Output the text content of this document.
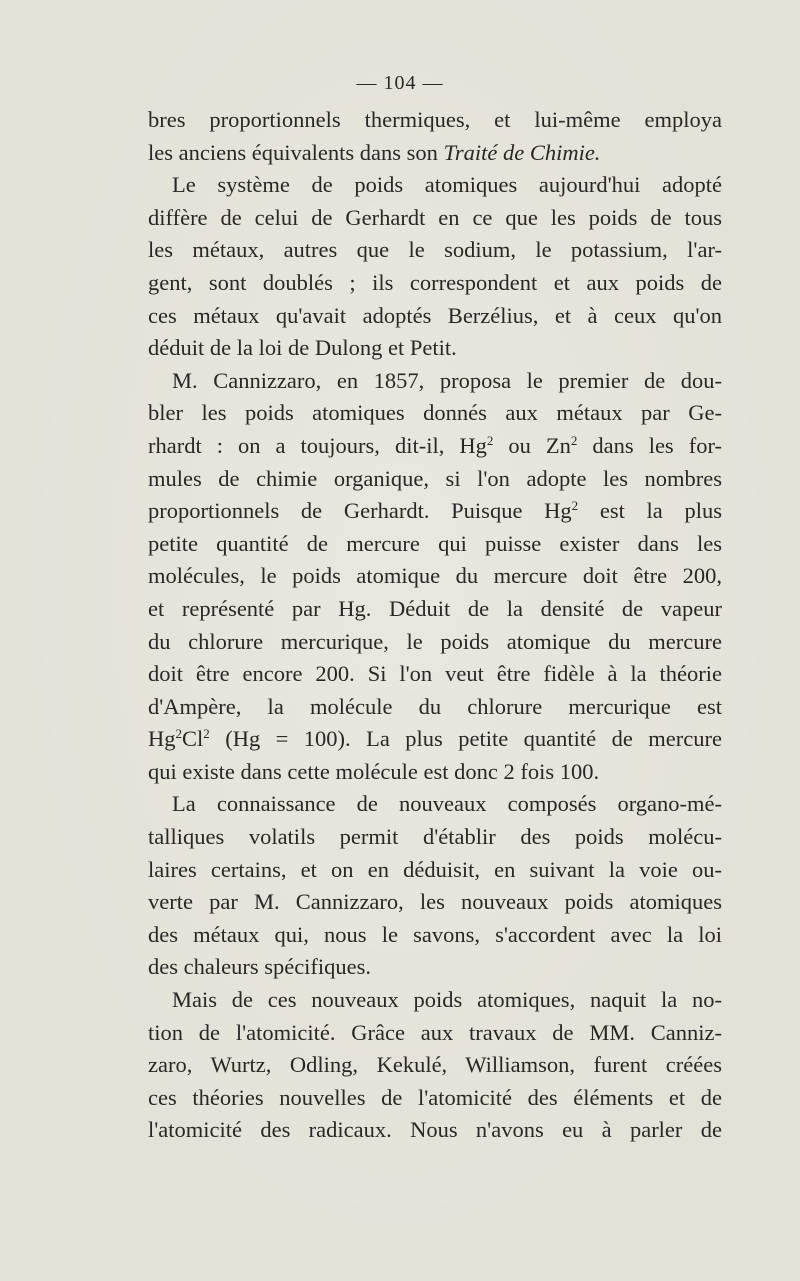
— 104 —
bres proportionnels thermiques, et lui-même employa
les anciens équivalents dans son Traité de Chimie.
Le système de poids atomiques aujourd'hui adopté
diffère de celui de Gerhardt en ce que les poids de tous
les métaux, autres que le sodium, le potassium, l'ar-
gent, sont doublés ; ils correspondent et aux poids de
ces métaux qu'avait adoptés Berzélius, et à ceux qu'on
déduit de la loi de Dulong et Petit.
M. Cannizzaro, en 1857, proposa le premier de dou-
bler les poids atomiques donnés aux métaux par Ge-
rhardt : on a toujours, dit-il, Hg$^2$ ou Zn$^2$ dans les for-
mules de chimie organique, si l'on adopte les nombres
proportionnels de Gerhardt. Puisque Hg$^2$ est la plus
petite quantité de mercure qui puisse exister dans les
molécules, le poids atomique du mercure doit être 200,
et représenté par Hg. Déduit de la densité de vapeur
du chlorure mercurique, le poids atomique du mercure
doit être encore 200. Si l'on veut être fidèle à la théorie
d'Ampère, la molécule du chlorure mercurique est
Hg$^2$Cl$^2$ (Hg = 100). La plus petite quantité de mercure
qui existe dans cette molécule est donc 2 fois 100.
La connaissance de nouveaux composés organo-mé-
talliques volatils permit d'établir des poids molécu-
laires certains, et on en déduisit, en suivant la voie ou-
verte par M. Cannizzaro, les nouveaux poids atomiques
des métaux qui, nous le savons, s'accordent avec la loi
des chaleurs spécifiques.
Mais de ces nouveaux poids atomiques, naquit la no-
tion de l'atomicité. Grâce aux travaux de MM. Canniz-
zaro, Wurtz, Odling, Kekulé, Williamson, furent créées
ces théories nouvelles de l'atomicité des éléments et de
l'atomicité des radicaux. Nous n'avons eu à parler de
